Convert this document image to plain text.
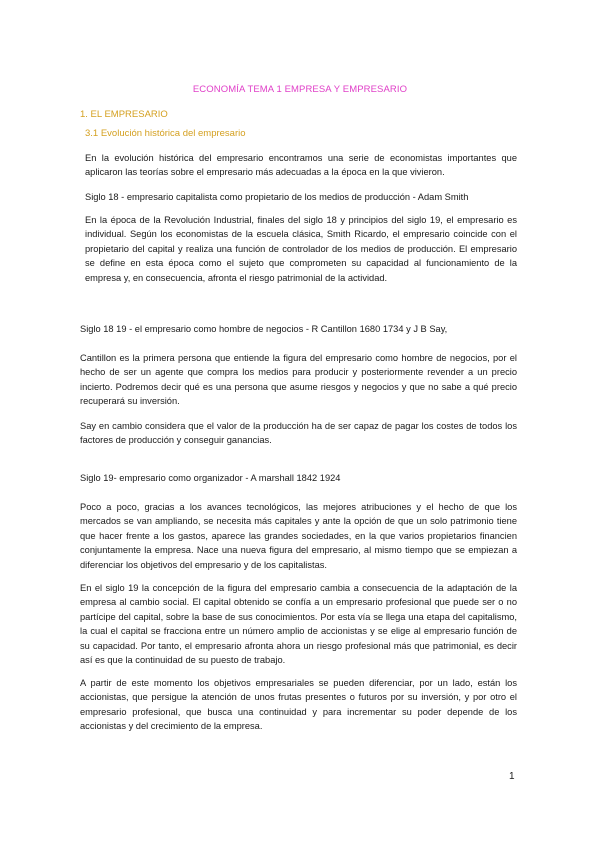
ECONOMÍA TEMA 1 EMPRESA Y EMPRESARIO
1. EL EMPRESARIO
3.1 Evolución histórica del empresario

En la evolución histórica del empresario encontramos una serie de economistas importantes que aplicaron las teorías sobre el empresario más adecuadas a la época en la que vivieron.

Siglo 18 - empresario capitalista como propietario de los medios de producción - Adam Smith

En la época de la Revolución Industrial, finales del siglo 18 y principios del siglo 19, el empresario es individual. Según los economistas de la escuela clásica, Smith Ricardo, el empresario coincide con el propietario del capital y realiza una función de controlador de los medios de producción. El empresario se define en esta época como el sujeto que comprometen su capacidad al funcionamiento de la empresa y, en consecuencia, afronta el riesgo patrimonial de la actividad.

Siglo 18 19 - el empresario como hombre de negocios - R Cantillon 1680 1734 y J B Say,

Cantillon es la primera persona que entiende la figura del empresario como hombre de negocios, por el hecho de ser un agente que compra los medios para producir y posteriormente revender a un precio incierto. Podremos decir qué es una persona que asume riesgos y negocios y que no sabe a qué precio recuperará su inversión.

Say en cambio considera que el valor de la producción ha de ser capaz de pagar los costes de todos los factores de producción y conseguir ganancias.

Siglo 19- empresario como organizador - A marshall 1842 1924

Poco a poco, gracias a los avances tecnológicos, las mejores atribuciones y el hecho de que los mercados se van ampliando, se necesita más capitales y ante la opción de que un solo patrimonio tiene que hacer frente a los gastos, aparece las grandes sociedades, en la que varios propietarios financien conjuntamente la empresa. Nace una nueva figura del empresario, al mismo tiempo que se empiezan a diferenciar los objetivos del empresario y de los capitalistas.

En el siglo 19 la concepción de la figura del empresario cambia a consecuencia de la adaptación de la empresa al cambio social. El capital obtenido se confía a un empresario profesional que puede ser o no partícipe del capital, sobre la base de sus conocimientos. Por esta vía se llega una etapa del capitalismo, la cual el capital se fracciona entre un número amplio de accionistas y se elige al empresario función de su capacidad. Por tanto, el empresario afronta ahora un riesgo profesional más que patrimonial, es decir así es que la continuidad de su puesto de trabajo.

A partir de este momento los objetivos empresariales se pueden diferenciar, por un lado, están los accionistas, que persigue la atención de unos frutas presentes o futuros por su inversión, y por otro el empresario profesional, que busca una continuidad y para incrementar su poder depende de los accionistas y del crecimiento de la empresa.

1
